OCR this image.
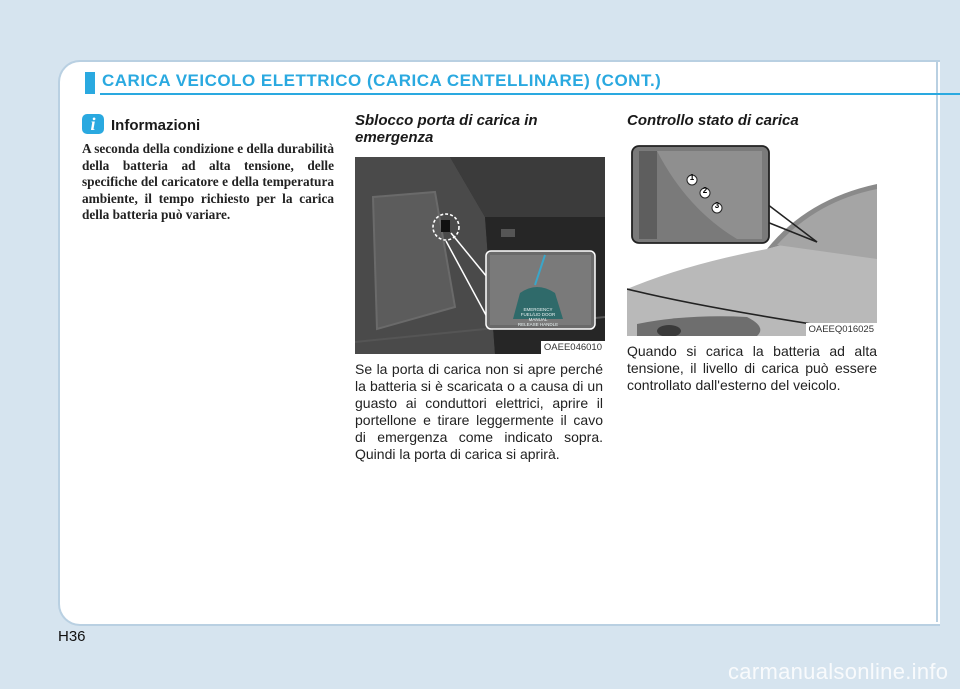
CARICA VEICOLO ELETTRICO (CARICA CENTELLINARE) (CONT.)
i	Informazioni

A seconda della condizione e della durabilità della batteria ad alta tensione, delle specifiche del caricatore e della temperatura ambiente, il tempo richiesto per la carica della batteria può variare.

Sblocco porta di carica in emergenza
EMERGENCY FUEL/LID DOOR MANUAL
RELEASE HANDLE
OAEE046010

Se la porta di carica non si apre perché la batteria si è scaricata o a causa di un guasto ai conduttori elettrici, aprire il portellone e tirare leggermente il cavo di emergenza come indicato sopra. Quindi la porta di carica si aprirà.

Controllo stato di carica
1
2
3
OAEEQ016025

Quando si carica la batteria ad alta tensione, il livello di carica può essere controllato dall'esterno del veicolo.

H36
carmanualsonline.info
